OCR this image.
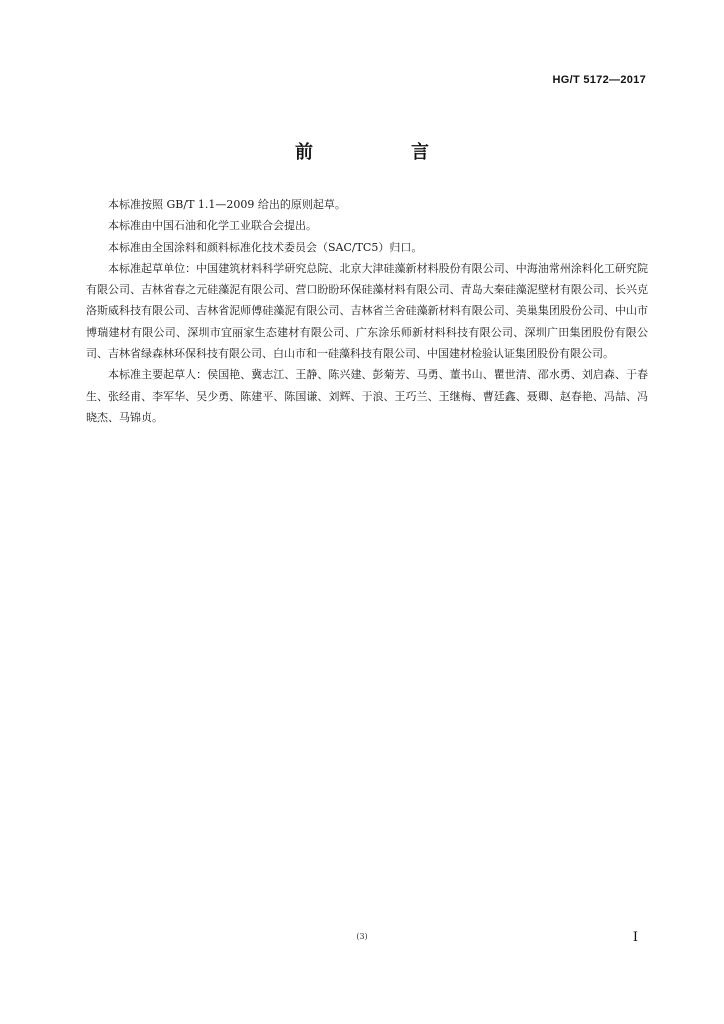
HG/T 5172—2017
前　言

本标准按照 GB/T 1.1—2009 给出的原则起草。

本标准由中国石油和化学工业联合会提出。

本标准由全国涂料和颜料标准化技术委员会（SAC/TC5）归口。

本标准起草单位：中国建筑材料科学研究总院、北京大津硅藻新材料股份有限公司、中海油常州涂料化工研究院有限公司、吉林省春之元硅藻泥有限公司、营口盼盼环保硅藻材料有限公司、青岛大秦硅藻泥壁材有限公司、长兴克洛斯威科技有限公司、吉林省泥师傅硅藻泥有限公司、吉林省兰舍硅藻新材料有限公司、美巢集团股份公司、中山市博瑞建材有限公司、深圳市宜丽家生态建材有限公司、广东涂乐师新材料科技有限公司、深圳广田集团股份有限公司、吉林省绿森林环保科技有限公司、白山市和一硅藻科技有限公司、中国建材检验认证集团股份有限公司。

本标准主要起草人：侯国艳、冀志江、王静、陈兴建、彭菊芳、马勇、董书山、瞿世清、邵水勇、刘启森、于春生、张经甫、李军华、吴少勇、陈建平、陈国谦、刘辉、于浪、王巧兰、王继梅、曹廷鑫、聂卿、赵春艳、冯喆、冯晓杰、马锦贞。

(3)	I
